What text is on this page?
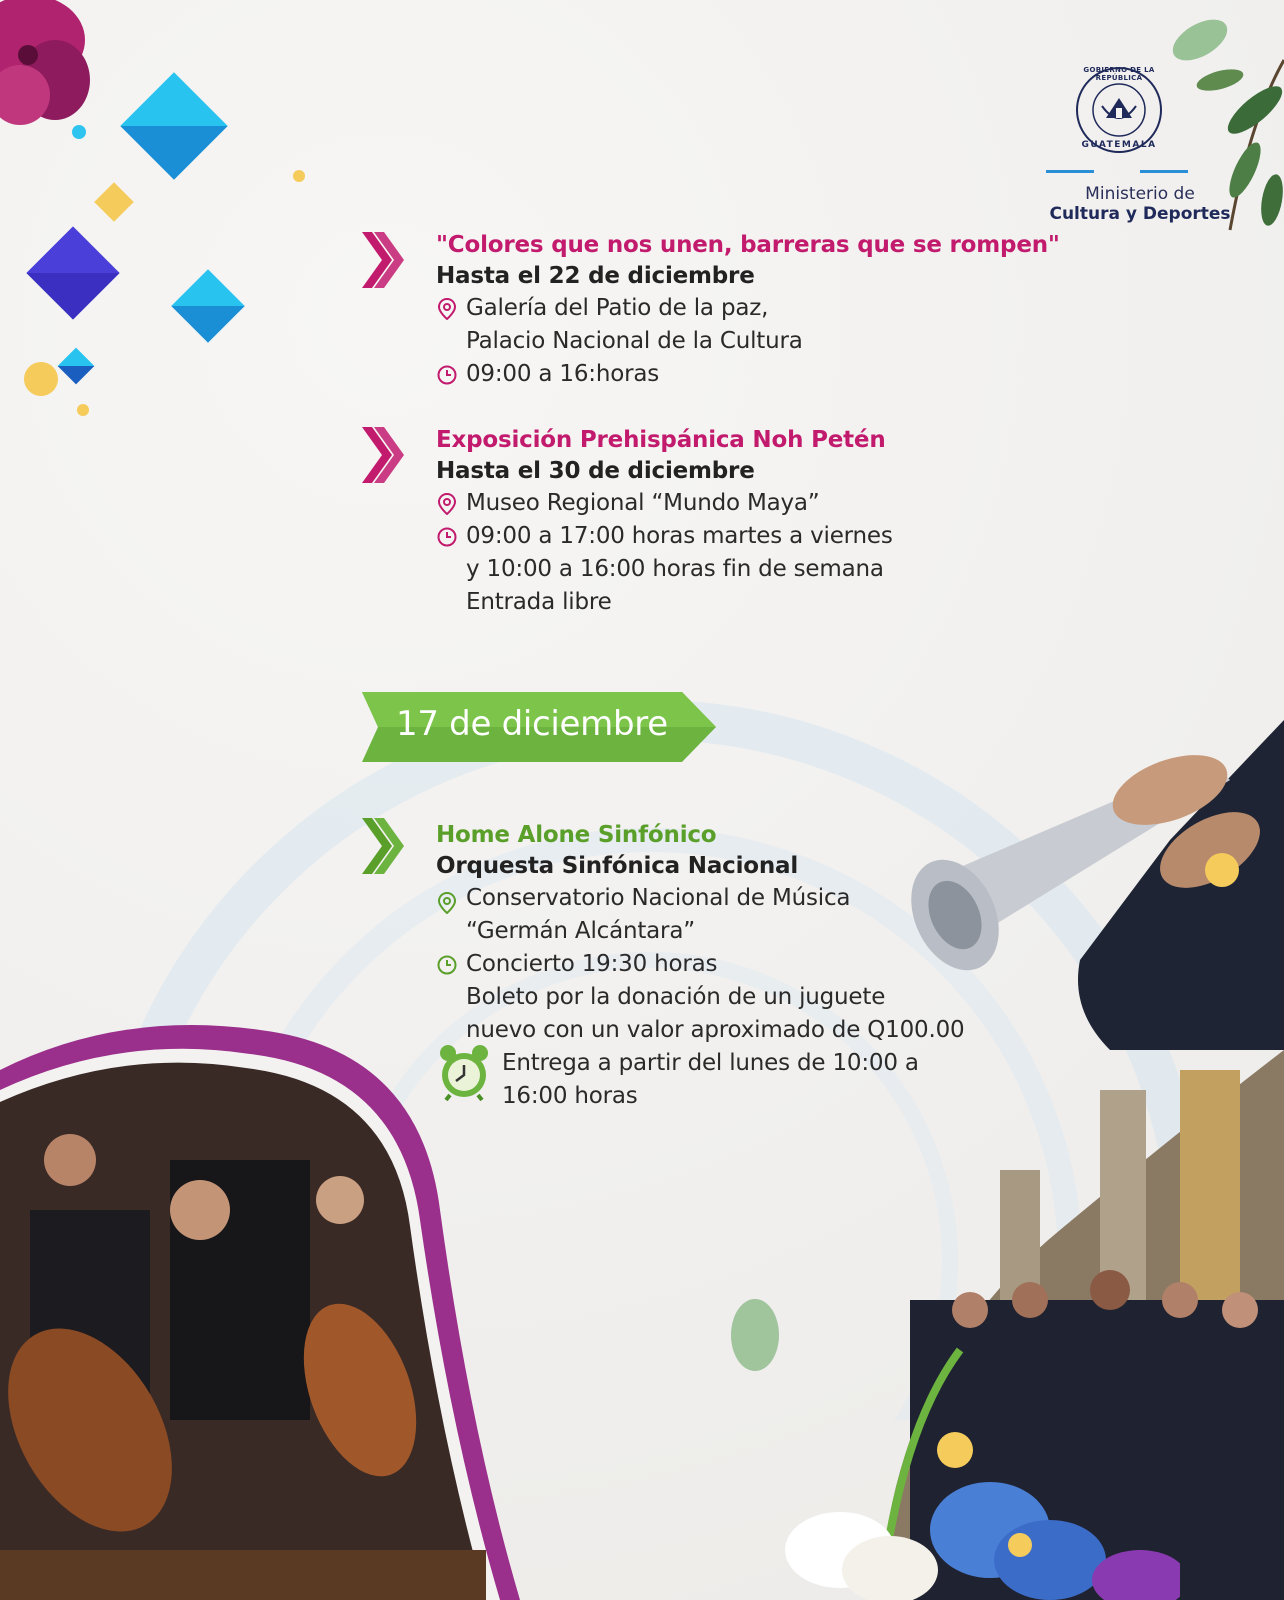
GOBIERNO DE LA REPÚBLICA
GUATEMALA
Ministerio de
Cultura y Deportes
"Colores que nos unen, barreras que se rompen"
Hasta el 22 de diciembre
Galería del Patio de la paz,
Palacio Nacional de la Cultura
09:00 a 16:horas
Exposición Prehispánica Noh Petén
Hasta el 30 de diciembre
Museo Regional “Mundo Maya”
09:00 a 17:00 horas martes a viernes
y 10:00 a 16:00 horas fin de semana
Entrada libre
17 de diciembre
Home Alone Sinfónico
Orquesta Sinfónica Nacional
Conservatorio Nacional de Música
“Germán Alcántara”
Concierto 19:30 horas
Boleto por la donación de un juguete
nuevo con un valor aproximado de Q100.00
Entrega a partir del lunes de 10:00 a
16:00 horas
